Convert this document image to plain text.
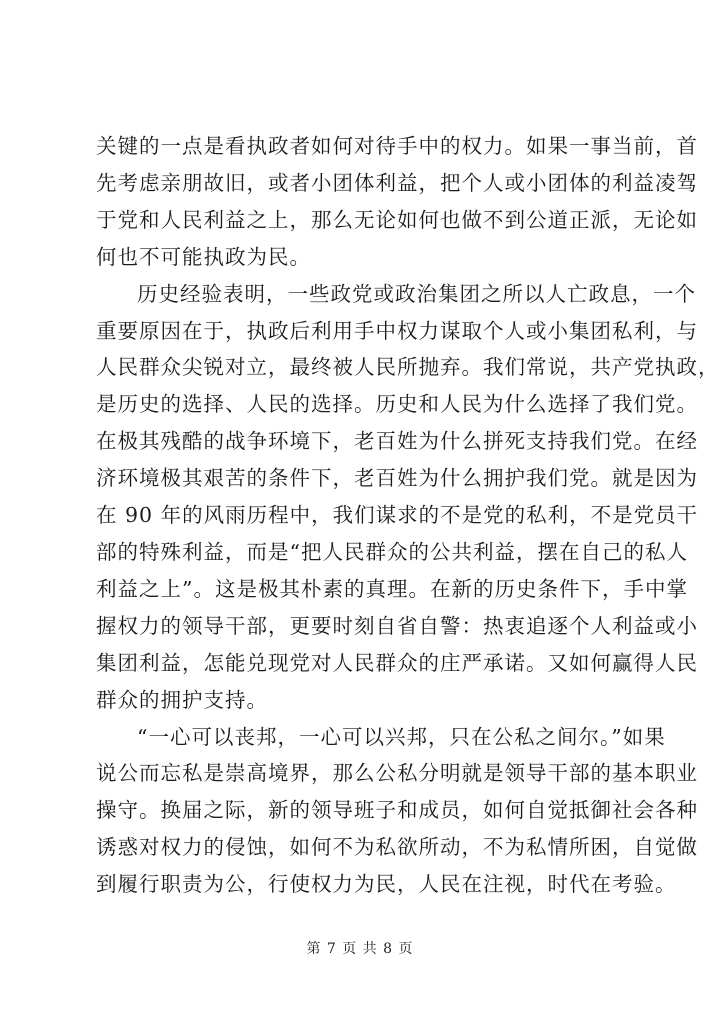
关键的一点是看执政者如何对待手中的权力。如果一事当前，首
先考虑亲朋故旧，或者小团体利益，把个人或小团体的利益凌驾
于党和人民利益之上，那么无论如何也做不到公道正派，无论如
何也不可能执政为民。

历史经验表明，一些政党或政治集团之所以人亡政息，一个
重要原因在于，执政后利用手中权力谋取个人或小集团私利，与
人民群众尖锐对立，最终被人民所抛弃。我们常说，共产党执政，
是历史的选择、人民的选择。历史和人民为什么选择了我们党。
在极其残酷的战争环境下，老百姓为什么拼死支持我们党。在经
济环境极其艰苦的条件下，老百姓为什么拥护我们党。就是因为
在 90 年的风雨历程中，我们谋求的不是党的私利，不是党员干
部的特殊利益，而是“把人民群众的公共利益，摆在自己的私人
利益之上”。这是极其朴素的真理。在新的历史条件下，手中掌
握权力的领导干部，更要时刻自省自警：热衷追逐个人利益或小
集团利益，怎能兑现党对人民群众的庄严承诺。又如何赢得人民
群众的拥护支持。

“一心可以丧邦，一心可以兴邦，只在公私之间尔。”如果
说公而忘私是崇高境界，那么公私分明就是领导干部的基本职业
操守。换届之际，新的领导班子和成员，如何自觉抵御社会各种
诱惑对权力的侵蚀，如何不为私欲所动，不为私情所困，自觉做
到履行职责为公，行使权力为民，人民在注视，时代在考验。

第 7 页 共 8 页
